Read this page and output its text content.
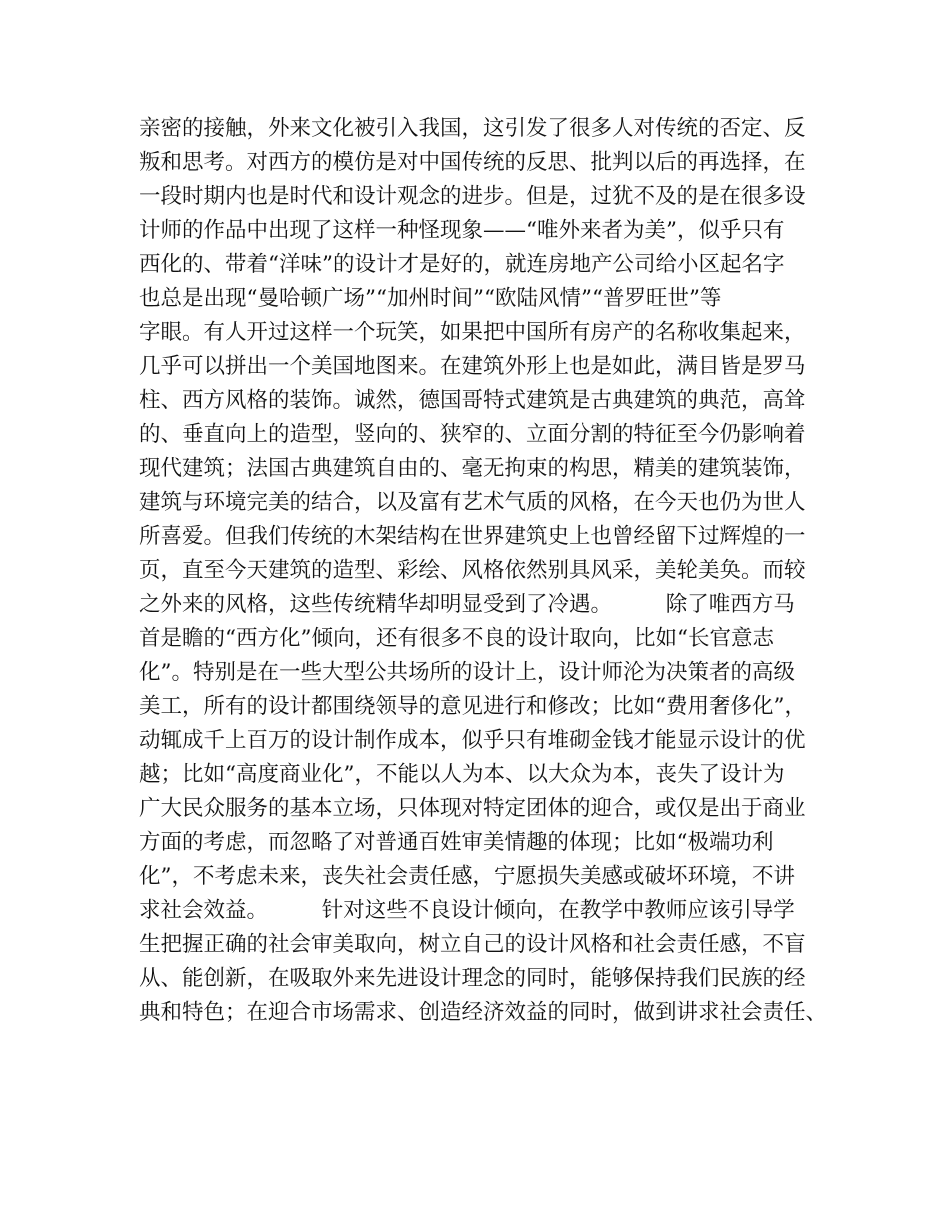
亲密的接触，外来文化被引入我国，这引发了很多人对传统的否定、反
叛和思考。对西方的模仿是对中国传统的反思、批判以后的再选择，在
一段时期内也是时代和设计观念的进步。但是，过犹不及的是在很多设
计师的作品中出现了这样一种怪现象——“唯外来者为美”，似乎只有
西化的、带着“洋味”的设计才是好的，就连房地产公司给小区起名字
也总是出现“曼哈顿广场”“加州时间”“欧陆风情”“普罗旺世”等
字眼。有人开过这样一个玩笑，如果把中国所有房产的名称收集起来，
几乎可以拼出一个美国地图来。在建筑外形上也是如此，满目皆是罗马
柱、西方风格的装饰。诚然，德国哥特式建筑是古典建筑的典范，高耸
的、垂直向上的造型，竖向的、狭窄的、立面分割的特征至今仍影响着
现代建筑；法国古典建筑自由的、毫无拘束的构思，精美的建筑装饰，
建筑与环境完美的结合，以及富有艺术气质的风格，在今天也仍为世人
所喜爱。但我们传统的木架结构在世界建筑史上也曾经留下过辉煌的一
页，直至今天建筑的造型、彩绘、风格依然别具风采，美轮美奂。而较
之外来的风格，这些传统精华却明显受到了冷遇。　　　除了唯西方马
首是瞻的“西方化”倾向，还有很多不良的设计取向，比如“长官意志
化”。特别是在一些大型公共场所的设计上，设计师沦为决策者的高级
美工，所有的设计都围绕领导的意见进行和修改；比如“费用奢侈化”，
动辄成千上百万的设计制作成本，似乎只有堆砌金钱才能显示设计的优
越；比如“高度商业化”，不能以人为本、以大众为本，丧失了设计为
广大民众服务的基本立场，只体现对特定团体的迎合，或仅是出于商业
方面的考虑，而忽略了对普通百姓审美情趣的体现；比如“极端功利
化”，不考虑未来，丧失社会责任感，宁愿损失美感或破坏环境，不讲
求社会效益。　　　针对这些不良设计倾向，在教学中教师应该引导学
生把握正确的社会审美取向，树立自己的设计风格和社会责任感，不盲
从、能创新，在吸取外来先进设计理念的同时，能够保持我们民族的经
典和特色；在迎合市场需求、创造经济效益的同时，做到讲求社会责任、
